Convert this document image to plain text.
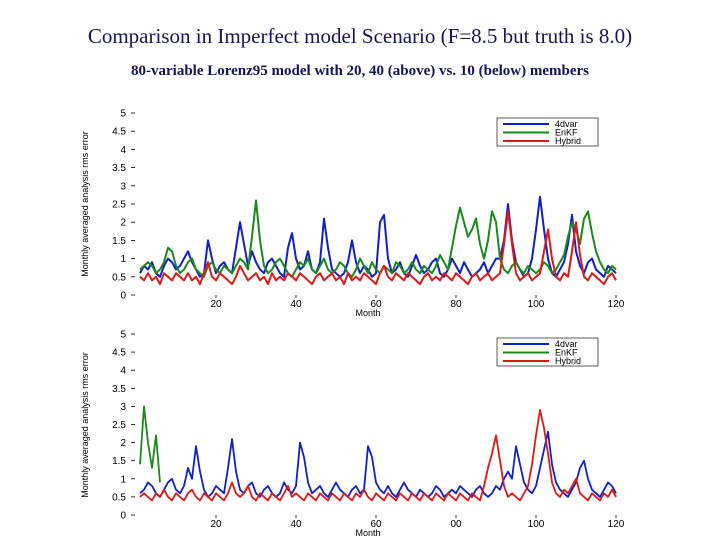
Comparison in Imperfect model Scenario (F=8.5 but truth is 8.0)
80-variable Lorenz95 model with 20, 40 (above) vs. 10 (below) members
0
0.5
1
1.5
2
2.5
3
3.5
4
4.5
5
20	40	60	80	100	120
Month
Monthly averaged analysis rms error
4dvar
EnKF
Hybrid
0
0.5
1
1.5
2
2.5
3
3.5
4
4.5
5
20	40	60	00	100	120
Month
Monthly averaged analysis rms error
4dvar
EnKF
Hybrid
